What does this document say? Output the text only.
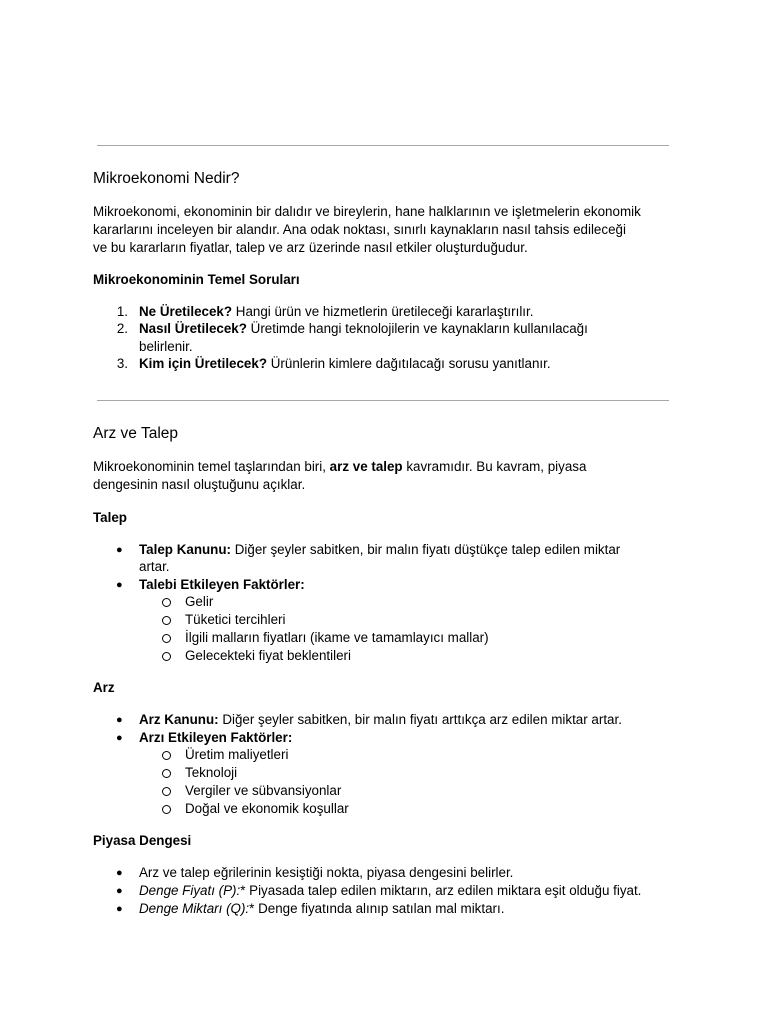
Mikroekonomi Nedir?
Mikroekonomi, ekonominin bir dalıdır ve bireylerin, hane halklarının ve işletmelerin ekonomik
kararlarını inceleyen bir alandır. Ana odak noktası, sınırlı kaynakların nasıl tahsis edileceği
ve bu kararların fiyatlar, talep ve arz üzerinde nasıl etkiler oluşturduğudur.
Mikroekonominin Temel Soruları
1. Ne Üretilecek? Hangi ürün ve hizmetlerin üretileceği kararlaştırılır.
2. Nasıl Üretilecek? Üretimde hangi teknolojilerin ve kaynakların kullanılacağı
belirlenir.
3. Kim için Üretilecek? Ürünlerin kimlere dağıtılacağı sorusu yanıtlanır.
Arz ve Talep
Mikroekonominin temel taşlarından biri, arz ve talep kavramıdır. Bu kavram, piyasa
dengesinin nasıl oluştuğunu açıklar.
Talep
● Talep Kanunu: Diğer şeyler sabitken, bir malın fiyatı düştükçe talep edilen miktar
artar.
● Talebi Etkileyen Faktörler:
Gelir
Tüketici tercihleri
İlgili malların fiyatları (ikame ve tamamlayıcı mallar)
Gelecekteki fiyat beklentileri
Arz
● Arz Kanunu: Diğer şeyler sabitken, bir malın fiyatı arttıkça arz edilen miktar artar.
● Arzı Etkileyen Faktörler:
Üretim maliyetleri
Teknoloji
Vergiler ve sübvansiyonlar
Doğal ve ekonomik koşullar
Piyasa Dengesi
● Arz ve talep eğrilerinin kesiştiği nokta, piyasa dengesini belirler.
● Denge Fiyatı (P):* Piyasada talep edilen miktarın, arz edilen miktara eşit olduğu fiyat.
● Denge Miktarı (Q):* Denge fiyatında alınıp satılan mal miktarı.
